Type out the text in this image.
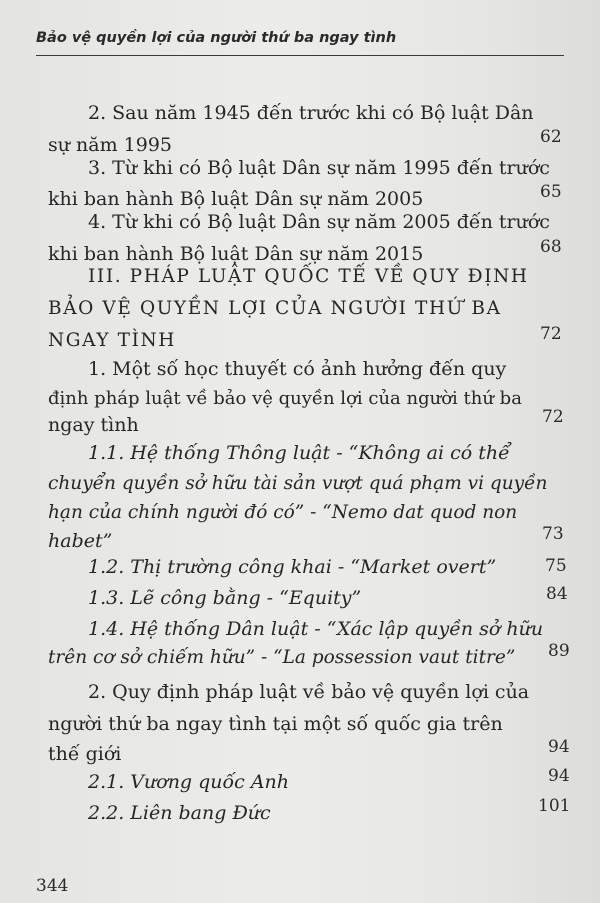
Bảo vệ quyền lợi của người thứ ba ngay tình
2. Sau năm 1945 đến trước khi có Bộ luật Dân
sự năm 1995	62
3. Từ khi có Bộ luật Dân sự năm 1995 đến trước
khi ban hành Bộ luật Dân sự năm 2005	65
4. Từ khi có Bộ luật Dân sự năm 2005 đến trước
khi ban hành Bộ luật Dân sự năm 2015	68
III. PHÁP LUẬT QUỐC TẾ VỀ QUY ĐỊNH
BẢO VỆ QUYỀN LỢI CỦA NGƯỜI THỨ BA
NGAY TÌNH	72
1. Một số học thuyết có ảnh hưởng đến quy
định pháp luật về bảo vệ quyền lợi của người thứ ba
ngay tình	72
1.1. Hệ thống Thông luật - “Không ai có thể
chuyển quyền sở hữu tài sản vượt quá phạm vi quyền
hạn của chính người đó có” - “Nemo dat quod non
habet”	73
1.2. Thị trường công khai - “Market overt”	75
1.3. Lẽ công bằng - “Equity”	84
1.4. Hệ thống Dân luật - “Xác lập quyền sở hữu
trên cơ sở chiếm hữu” - “La possession vaut titre” 89
2. Quy định pháp luật về bảo vệ quyền lợi của
người thứ ba ngay tình tại một số quốc gia trên
thế giới	94
2.1. Vương quốc Anh	94
2.2. Liên bang Đức	101
344
